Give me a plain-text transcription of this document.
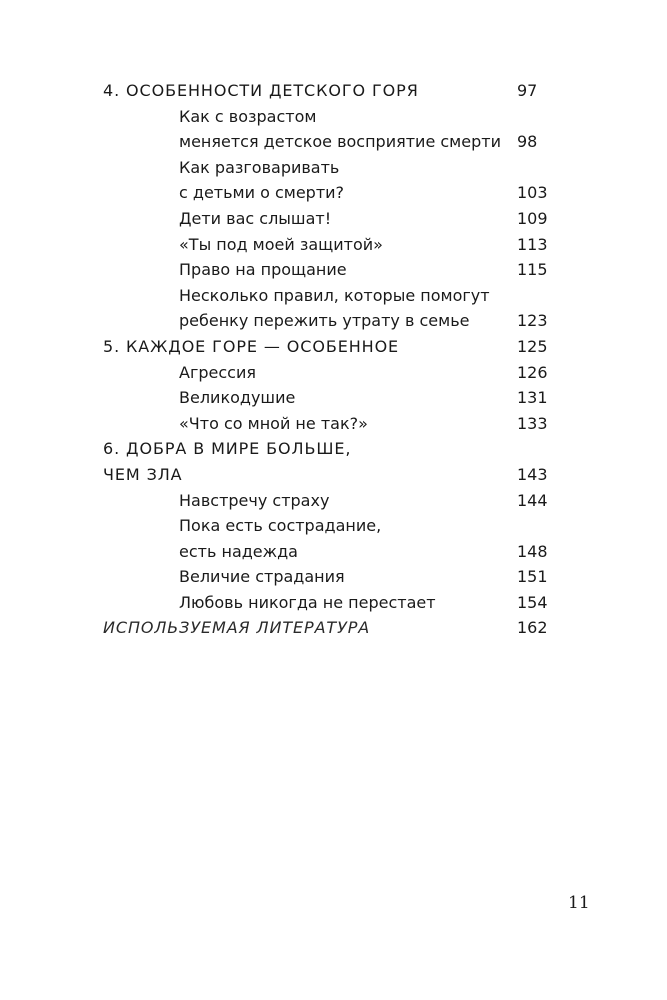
4. ОСОБЕННОСТИ ДЕТСКОГО ГОРЯ	97
Как с возрастом
меняется детское восприятие смерти 98
Как разговаривать
с детьми о смерти?	103
Дети вас слышат!	109
«Ты под моей защитой»	113
Право на прощание	115
Несколько правил, которые помогут
ребенку пережить утрату в семье	123
5. КАЖДОЕ ГОРЕ — ОСОБЕННОЕ	125
Агрессия	126
Великодушие	131
«Что со мной не так?»	133
6. ДОБРА В МИРЕ БОЛЬШЕ,
ЧЕМ ЗЛА	143
Навстречу страху	144
Пока есть сострадание,
есть надежда	148
Величие страдания	151
Любовь никогда не перестает	154
ИСПОЛЬЗУЕМАЯ ЛИТЕРАТУРА	162
11
